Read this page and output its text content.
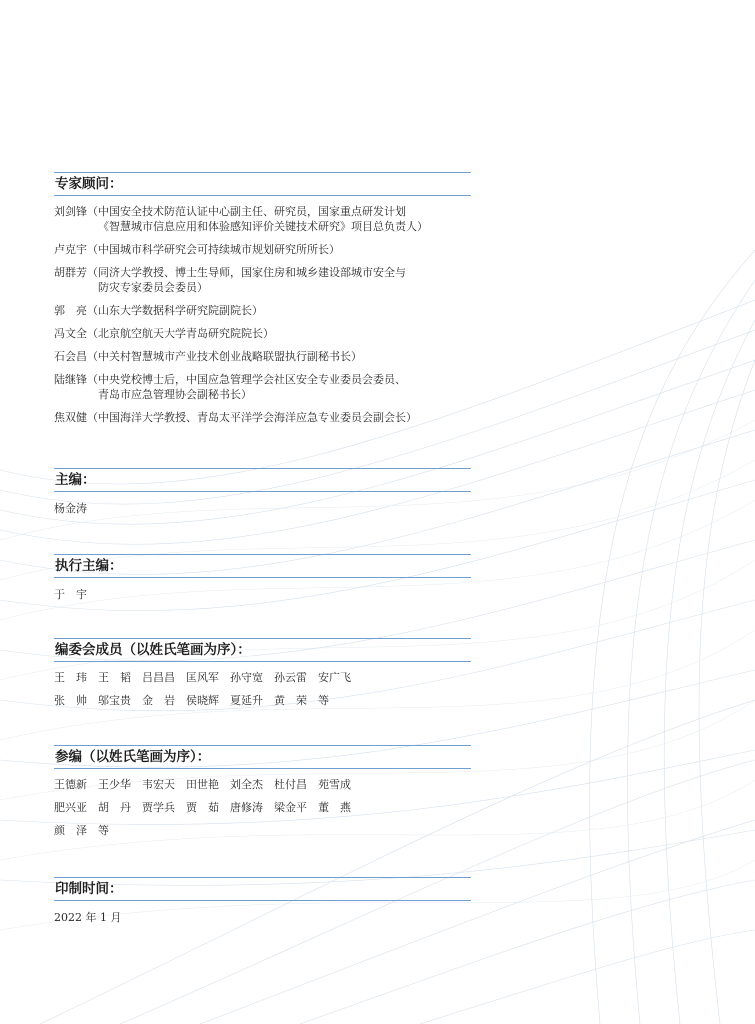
专家顾问：
刘剑锋（中国安全技术防范认证中心副主任、研究员，国家重点研发计划
《智慧城市信息应用和体验感知评价关键技术研究》项目总负责人）
卢克宇（中国城市科学研究会可持续城市规划研究所所长）
胡群芳（同济大学教授、博士生导师，国家住房和城乡建设部城市安全与
防灾专家委员会委员）
郭　亮（山东大学数据科学研究院副院长）
冯文全（北京航空航天大学青岛研究院院长）
石会昌（中关村智慧城市产业技术创业战略联盟执行副秘书长）
陆继锋（中央党校博士后，中国应急管理学会社区安全专业委员会委员、
青岛市应急管理协会副秘书长）
焦双健（中国海洋大学教授、青岛太平洋学会海洋应急专业委员会副会长）
主编：
杨金涛
执行主编：
于　宇
编委会成员（以姓氏笔画为序）：
王　玮　王　韬　吕昌昌　匡风军　孙守宽　孙云雷　安广飞
张　帅　邬宝贵　金　岩　侯晓辉　夏延升　黄　荣　等
参编（以姓氏笔画为序）：
王德新　王少华　韦宏天　田世艳　刘全杰　杜付昌　苑雪成
肥兴亚　胡　丹　贾学兵　贾　茹　唐修涛　梁金平　董　燕
颜　泽　等
印制时间：
2022 年 1 月
